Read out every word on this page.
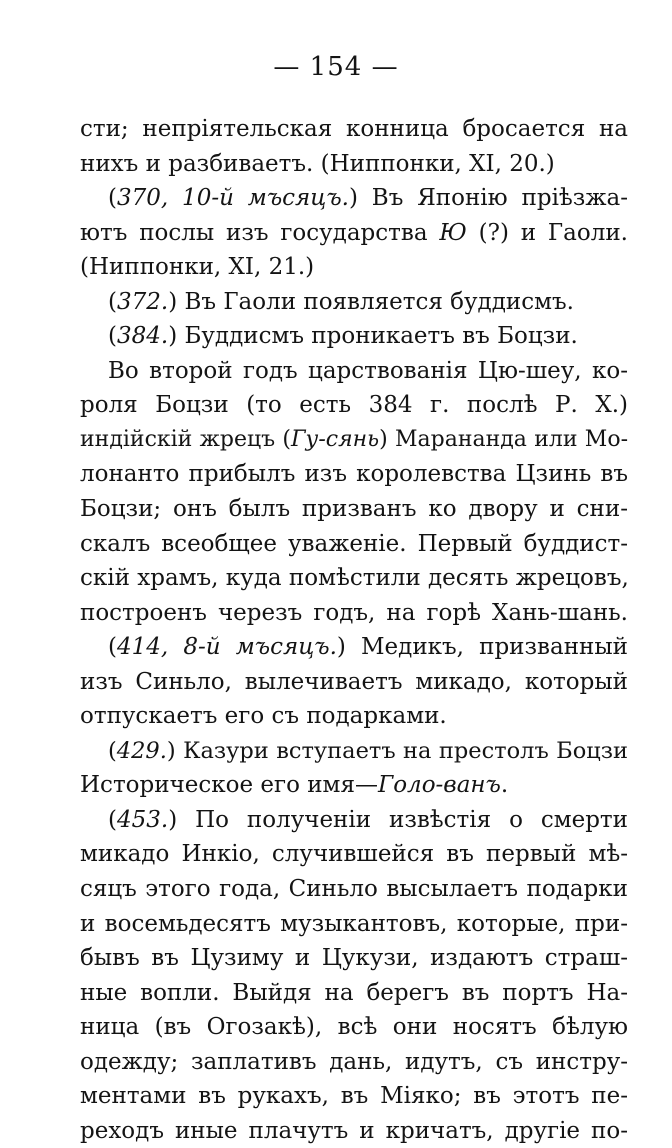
— 154 —
сти; непріятельская конница бросается на
нихъ и разбиваетъ. (Ниппонки, XI, 20.)
(370, 10-й мъсяцъ.) Въ Японію пріѣзжа-
ютъ послы изъ государства Ю (?) и Гаоли.
(Ниппонки, XI, 21.)
(372.) Въ Гаоли появляется буддисмъ.
(384.) Буддисмъ проникаетъ въ Боцзи.
Во второй годъ царствованія Цю-шеу, ко-
роля Боцзи (то есть 384 г. послѣ Р. Х.)
индійскій жрецъ (Гу-сянь) Марананда или Мо-
лонанто прибылъ изъ королевства Цзинь въ
Боцзи; онъ былъ призванъ ко двору и сни-
скалъ всеобщее уваженіе. Первый буддист-
скій храмъ, куда помѣстили десять жрецовъ,
построенъ черезъ годъ, на горѣ Хань-шань.
(414, 8-й мъсяцъ.) Медикъ, призванный
изъ Синьло, вылечиваетъ микадо, который
отпускаетъ его съ подарками.
(429.) Казури вступаетъ на престолъ Боцзи
Историческое его имя—Голо-ванъ.
(453.) По полученіи извѣстія о смерти
микадо Инкіо, случившейся въ первый мѣ-
сяцъ этого года, Синьло высылаетъ подарки
и восемьдесятъ музыкантовъ, которые, при-
бывъ въ Цузиму и Цукузи, издаютъ страш-
ные вопли. Выйдя на берегъ въ портъ На-
ница (въ Огозакѣ), всѣ они носятъ бѣлую
одежду; заплативъ дань, идутъ, съ инстру-
ментами въ рукахъ, въ Міяко; въ этотъ пе-
реходъ иные плачутъ и кричатъ, другіе по-
